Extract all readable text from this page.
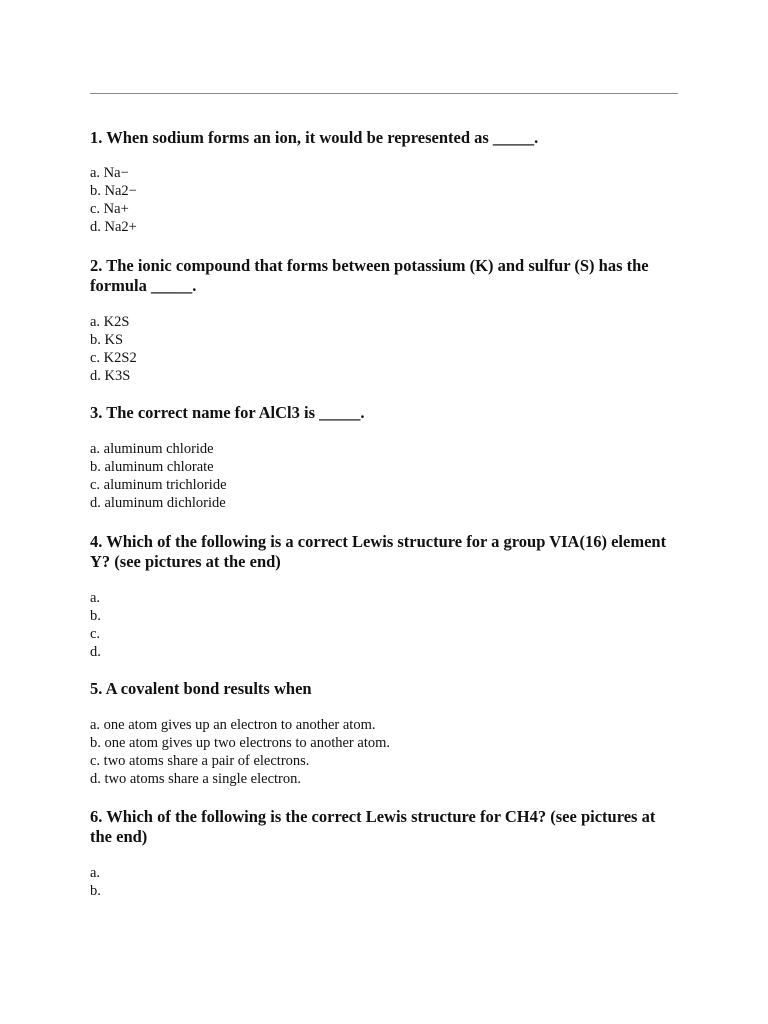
1. When sodium forms an ion, it would be represented as _____.

a. Na−
b. Na2−
c. Na+
d. Na2+

2. The ionic compound that forms between potassium (K) and sulfur (S) has the formula _____.

a. K2S
b. KS
c. K2S2
d. K3S

3. The correct name for AlCl3 is _____.

a. aluminum chloride
b. aluminum chlorate
c. aluminum trichloride
d. aluminum dichloride

4. Which of the following is a correct Lewis structure for a group VIA(16) element Y? (see pictures at the end)

a.
b.
c.
d.

5. A covalent bond results when

a. one atom gives up an electron to another atom.
b. one atom gives up two electrons to another atom.
c. two atoms share a pair of electrons.
d. two atoms share a single electron.

6. Which of the following is the correct Lewis structure for CH4? (see pictures at the end)

a.
b.
